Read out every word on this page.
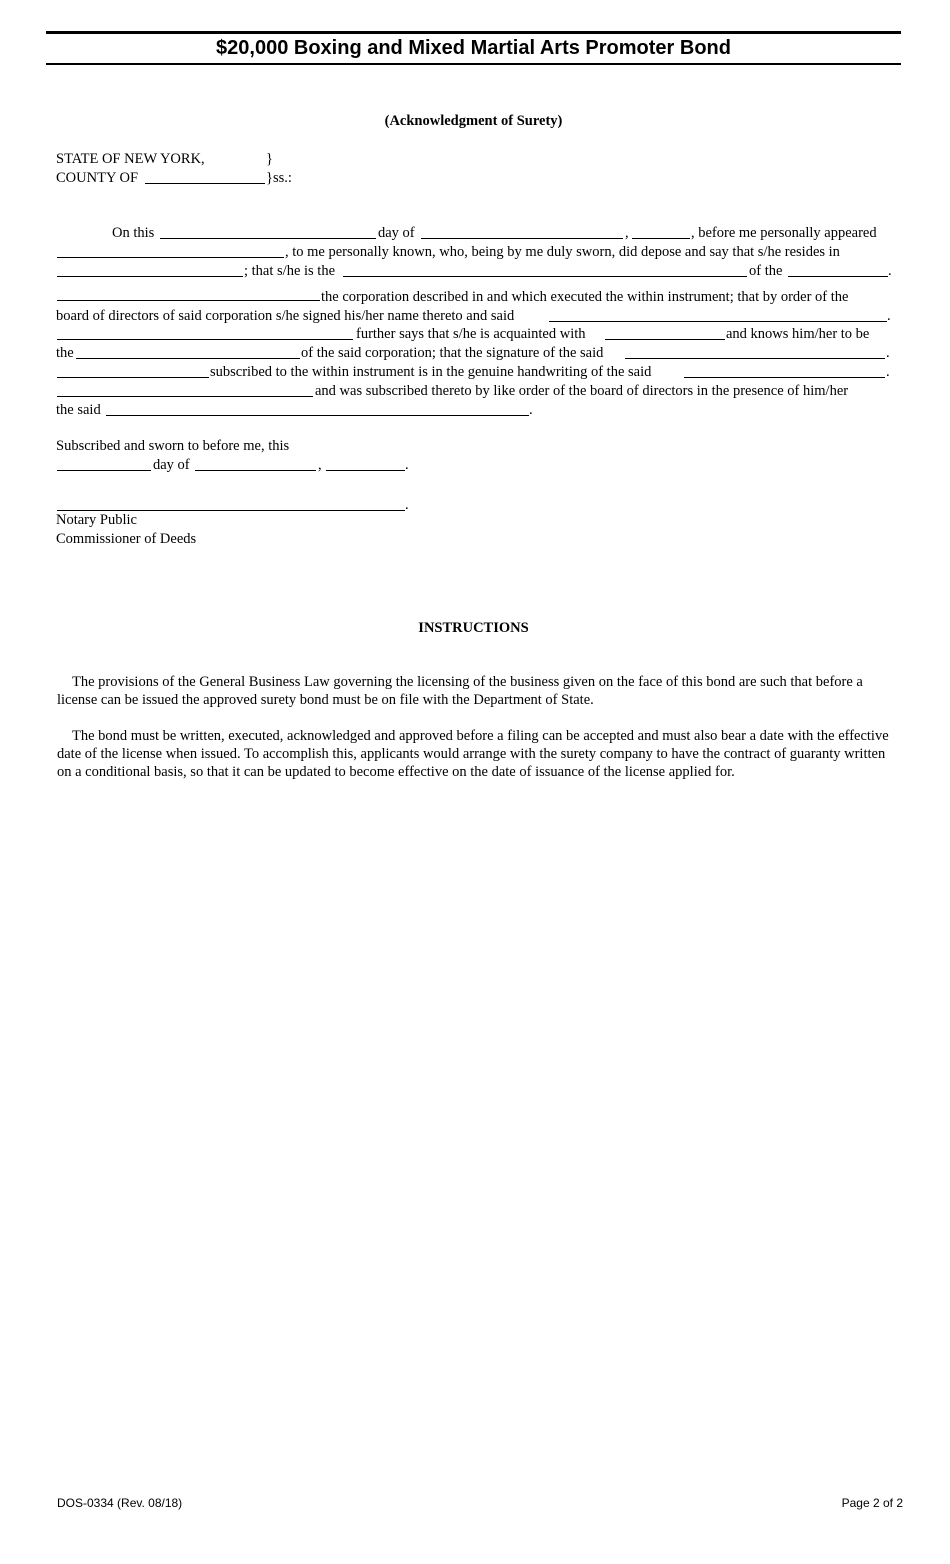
$20,000 Boxing and Mixed Martial Arts Promoter Bond
(Acknowledgment of Surety)
STATE OF NEW YORK,	}
COUNTY OF	}ss.:
On this	day of	,	, before me personally appeared
, to me personally known, who, being by me duly sworn, did depose and say that s/he resides in
; that s/he is the	of the	.
the corporation described in and which executed the within instrument; that by order of the
board of directors of said corporation s/he signed his/her name thereto and said	.
further says that s/he is acquainted with	and knows him/her to be
the	of the said corporation; that the signature of the said	.
subscribed to the within instrument is in the genuine handwriting of the said	.
and was subscribed thereto by like order of the board of directors in the presence of him/her
the said	.
Subscribed and sworn to before me, this
day of	,	.
.
Notary Public
Commissioner of Deeds
INSTRUCTIONS

The provisions of the General Business Law governing the licensing of the business given on the face of this bond are such that before a license can be issued the approved surety bond must be on file with the Department of State.

The bond must be written, executed, acknowledged and approved before a filing can be accepted and must also bear a date with the effective date of the license when issued. To accomplish this, applicants would arrange with the surety company to have the contract of guaranty written on a conditional basis, so that it can be updated to become effective on the date of issuance of the license applied for.

DOS-0334 (Rev. 08/18)	Page 2 of 2
